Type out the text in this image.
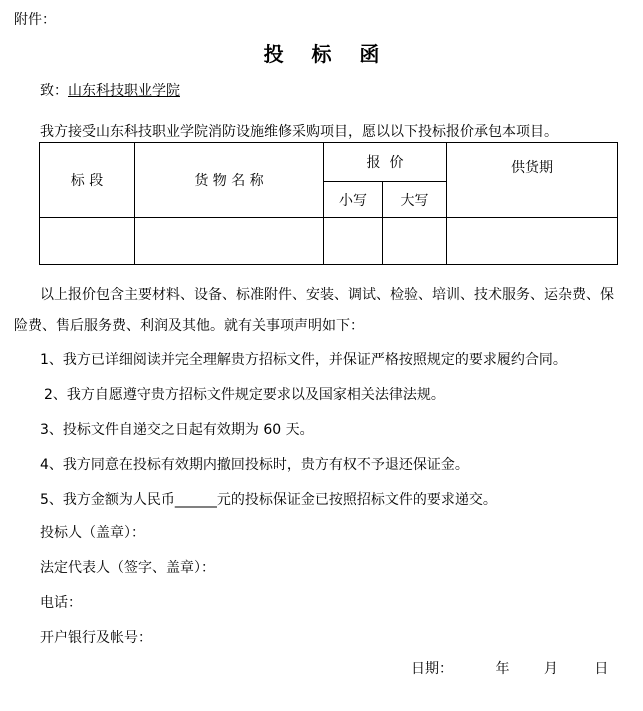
附件：
投    标    函
致：山东科技职业学院
我方接受山东科技职业学院消防设施维修采购项目，愿以以下投标报价承包本项目。
标 段	货 物 名 称	报  价		供货期
		小写	大写	

以上报价包含主要材料、设备、标准附件、安装、调试、检验、培训、技术服务、运杂费、保
险费、售后服务费、利润及其他。就有关事项声明如下：
1、我方已详细阅读并完全理解贵方招标文件，并保证严格按照规定的要求履约合同。
2、我方自愿遵守贵方招标文件规定要求以及国家相关法律法规。
3、投标文件自递交之日起有效期为 60 天。
4、我方同意在投标有效期内撤回投标时，贵方有权不予退还保证金。
5、我方金额为人民币______元的投标保证金已按照招标文件的要求递交。
投标人（盖章）：
法定代表人（签字、盖章）：
电话：
开户银行及帐号：
日期：	年 月	日
